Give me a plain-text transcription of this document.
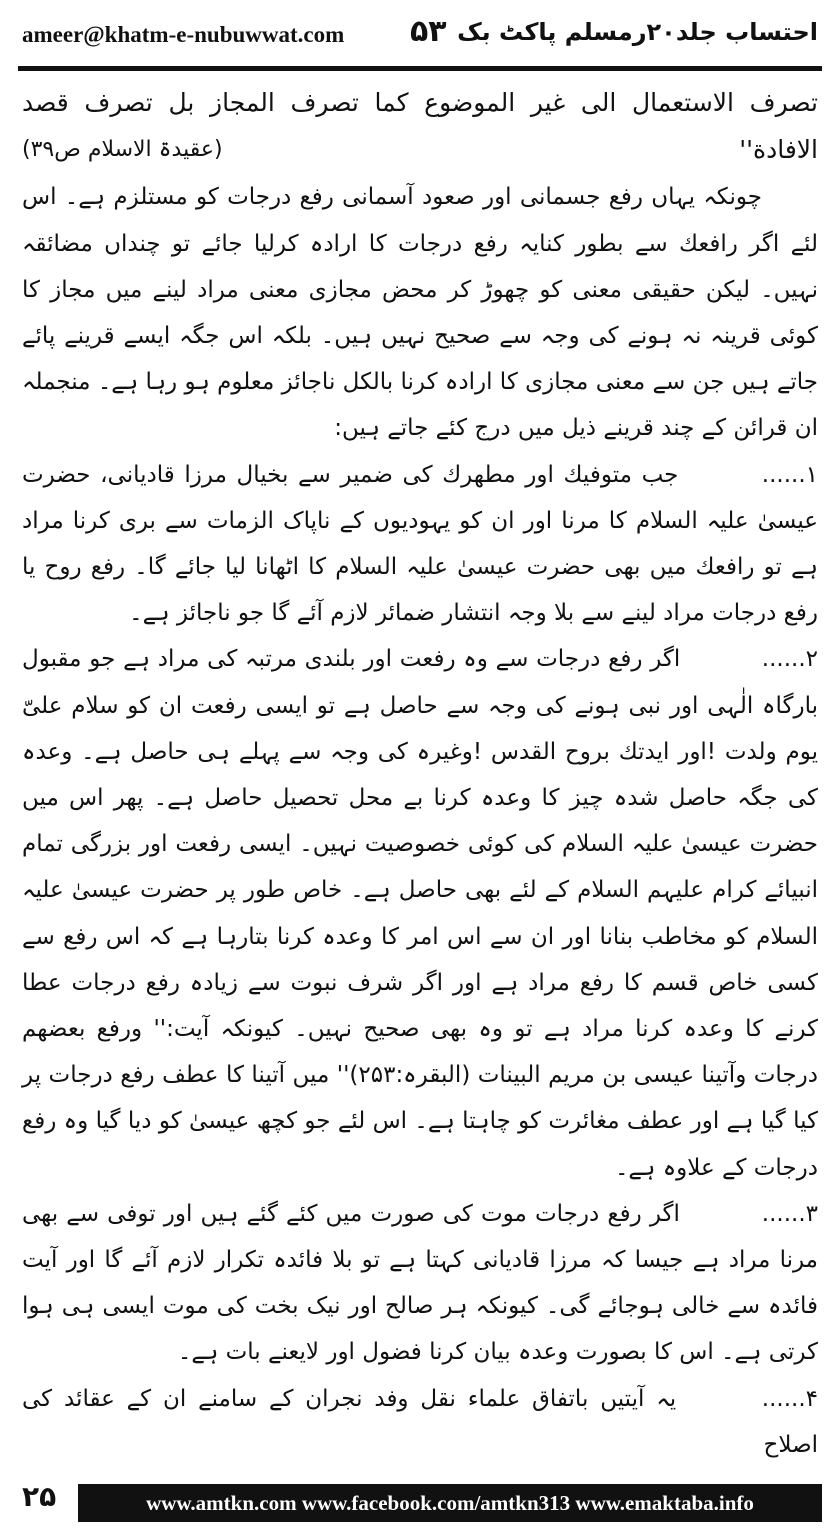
ameer@khatm-e-nubuwwat.com ۵۳ احتساب جلد۲۰رمسلم پاکٹ بک

تصرف الاستعمال الى غير الموضوع كما تصرف المجاز بل تصرف قصد الافادة''
(عقیدۃ الاسلام ص۳۹)

چونکہ یہاں رفع جسمانی اور صعود آسمانی رفع درجات کو مستلزم ہے۔ اس لئے اگر رافعك سے بطور کنایہ رفع درجات کا ارادہ کرلیا جائے تو چنداں مضائقہ نہیں۔ لیکن حقیقی معنی کو چھوڑ کر محض مجازی معنی مراد لینے میں مجاز کا کوئی قرینہ نہ ہونے کی وجہ سے صحیح نہیں ہیں۔ بلکہ اس جگہ ایسے قرینے پائے جاتے ہیں جن سے معنی مجازی کا ارادہ کرنا بالکل ناجائز معلوم ہو رہا ہے۔ منجملہ ان قرائن کے چند قرینے ذیل میں درج کئے جاتے ہیں:

۱...... جب متوفيك اور مطهرك کی ضمیر سے بخیال مرزا قادیانی، حضرت عیسیٰ علیہ السلام کا مرنا اور ان کو یہودیوں کے ناپاک الزمات سے بری کرنا مراد ہے تو رافعك میں بھی حضرت عیسیٰ علیہ السلام کا اٹھانا لیا جائے گا۔ رفع روح یا رفع درجات مراد لینے سے بلا وجہ انتشار ضمائر لازم آئے گا جو ناجائز ہے۔

۲...... اگر رفع درجات سے وہ رفعت اور بلندی مرتبہ کی مراد ہے جو مقبول بارگاہ الٰہی اور نبی ہونے کی وجہ سے حاصل ہے تو ایسی رفعت ان کو سلام علیّ یوم ولدت !اور ایدتك بروح القدس !وغیرہ کی وجہ سے پہلے ہی حاصل ہے۔ وعدہ کی جگہ حاصل شدہ چیز کا وعدہ کرنا بے محل تحصیل حاصل ہے۔ پھر اس میں حضرت عیسیٰ علیہ السلام کی کوئی خصوصیت نہیں۔ ایسی رفعت اور بزرگی تمام انبیائے کرام علیہم السلام کے لئے بھی حاصل ہے۔ خاص طور پر حضرت عیسیٰ علیہ السلام کو مخاطب بنانا اور ان سے اس امر کا وعدہ کرنا بتارہا ہے کہ اس رفع سے کسی خاص قسم کا رفع مراد ہے اور اگر شرف نبوت سے زیادہ رفع درجات عطا کرنے کا وعدہ کرنا مراد ہے تو وہ بھی صحیح نہیں۔ کیونکہ آیت:'' ورفع بعضهم درجات وآتينا عيسى بن مريم البينات (البقرہ:۲۵۳)'' میں آتینا کا عطف رفع درجات پر کیا گیا ہے اور عطف مغائرت کو چاہتا ہے۔ اس لئے جو کچھ عیسیٰ کو دیا گیا وہ رفع درجات کے علاوہ ہے۔

۳...... اگر رفع درجات موت کی صورت میں کئے گئے ہیں اور توفی سے بھی مرنا مراد ہے جیسا کہ مرزا قادیانی کہتا ہے تو بلا فائدہ تکرار لازم آئے گا اور آیت فائدہ سے خالی ہوجائے گی۔ کیونکہ ہر صالح اور نیک بخت کی موت ایسی ہی ہوا کرتی ہے۔ اس کا بصورت وعدہ بیان کرنا فضول اور لایعنے بات ہے۔

۴...... یہ آیتیں باتفاق علماء نقل وفد نجران کے سامنے ان کے عقائد کی اصلاح

۲۵	www.amtkn.com www.facebook.com/amtkn313 www.emaktaba.info
